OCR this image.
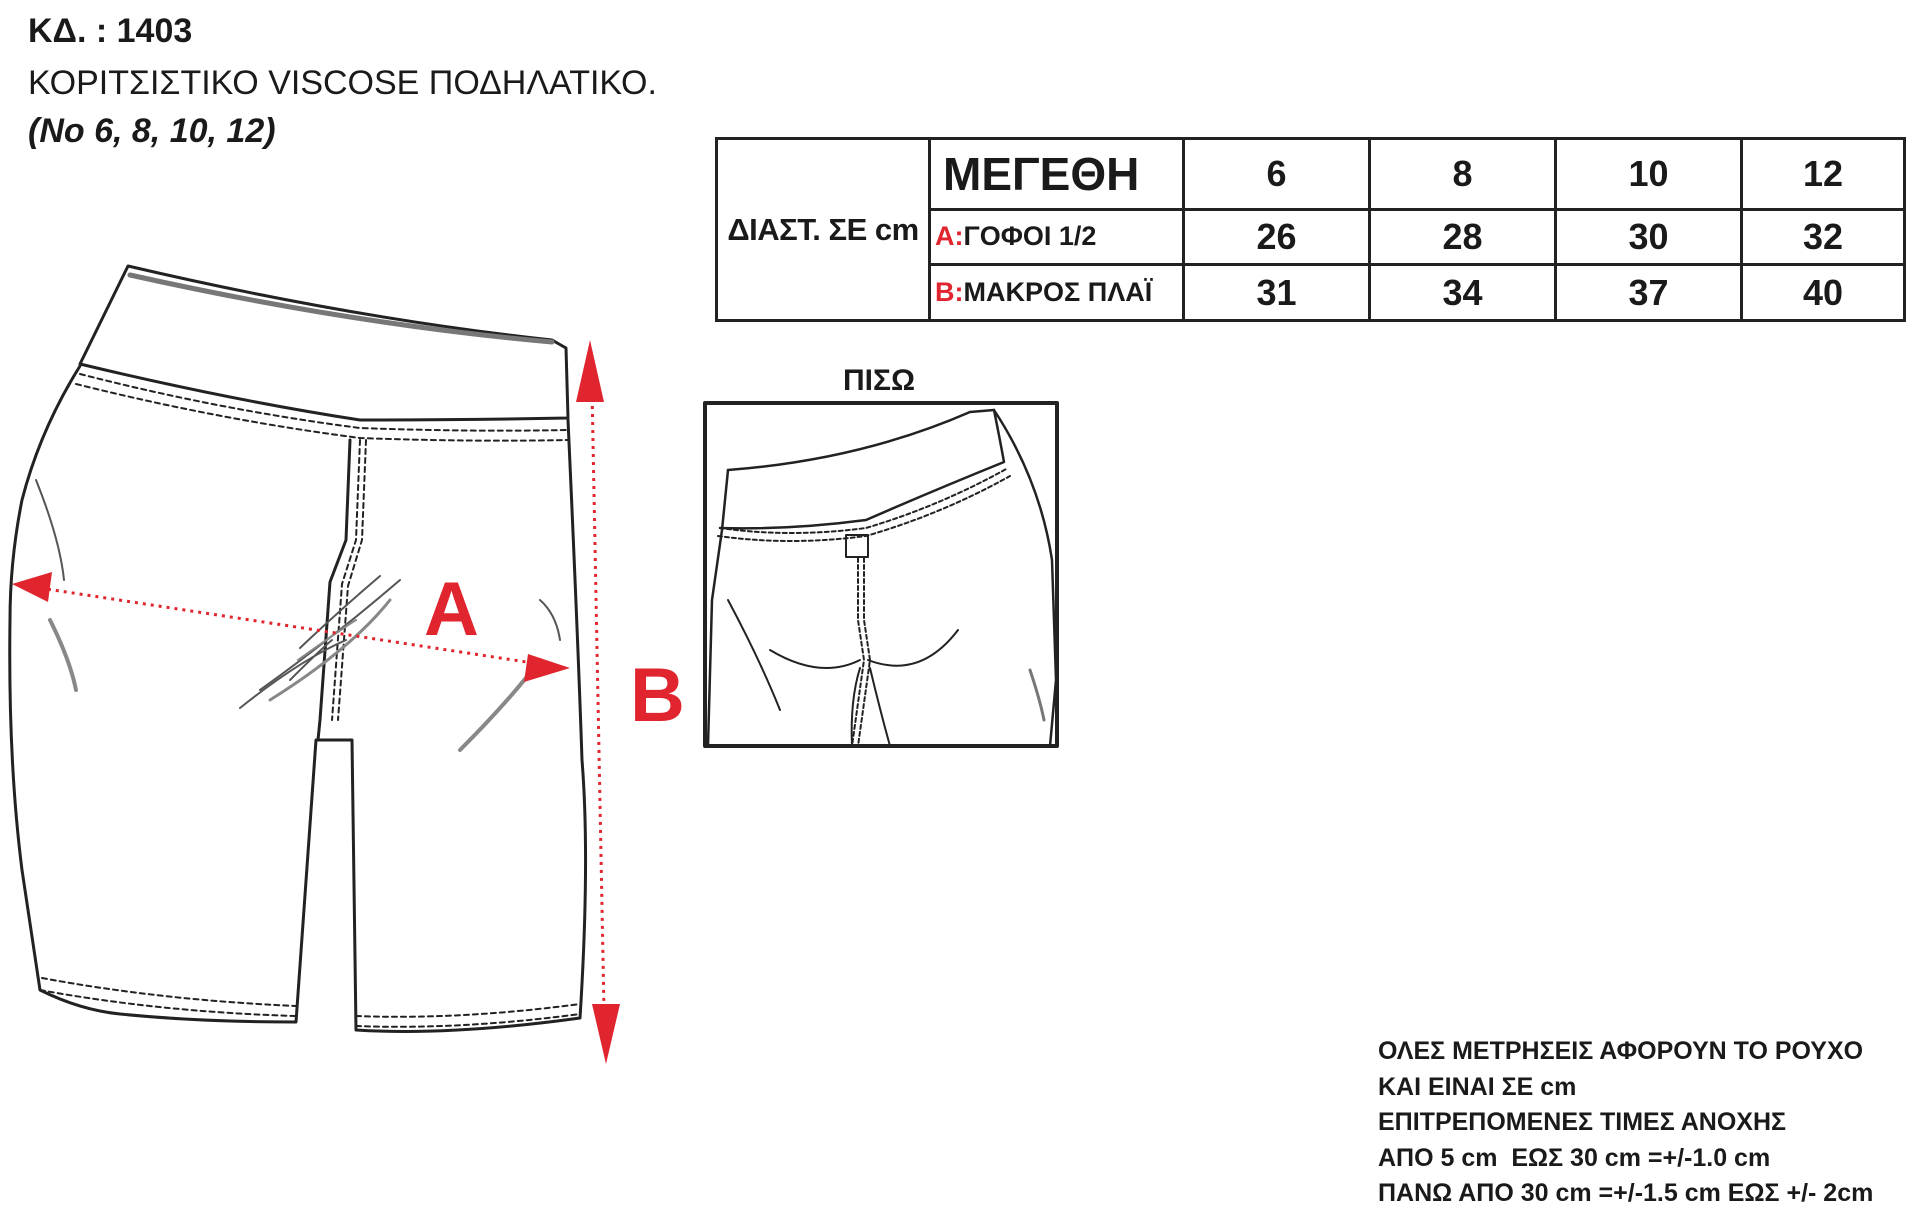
ΚΔ. : 1403
ΚΟΡΙΤΣΙΣΤΙΚΟ VISCOSE ΠΟΔΗΛΑΤΙΚΟ.
(No 6, 8, 10, 12)
ΔΙΑΣΤ. ΣΕ cm	ΜΕΓΕΘΗ	6	8	10	12
	A:ΓΟΦΟΙ 1/2	26	28	30	32
	B:ΜΑΚΡΟΣ ΠΛΑΪ	31	34	37	40
ΠΙΣΩ
A
B
ΟΛΕΣ ΜΕΤΡΗΣΕΙΣ ΑΦΟΡΟΥΝ ΤΟ ΡΟΥΧΟ
ΚΑΙ ΕΙΝΑΙ ΣΕ cm
ΕΠΙΤΡΕΠΟΜΕΝΕΣ ΤΙΜΕΣ ΑΝΟΧΗΣ
ΑΠΟ 5 cm  ΕΩΣ 30 cm =+/-1.0 cm
ΠΑΝΩ ΑΠΟ 30 cm =+/-1.5 cm ΕΩΣ +/- 2cm
